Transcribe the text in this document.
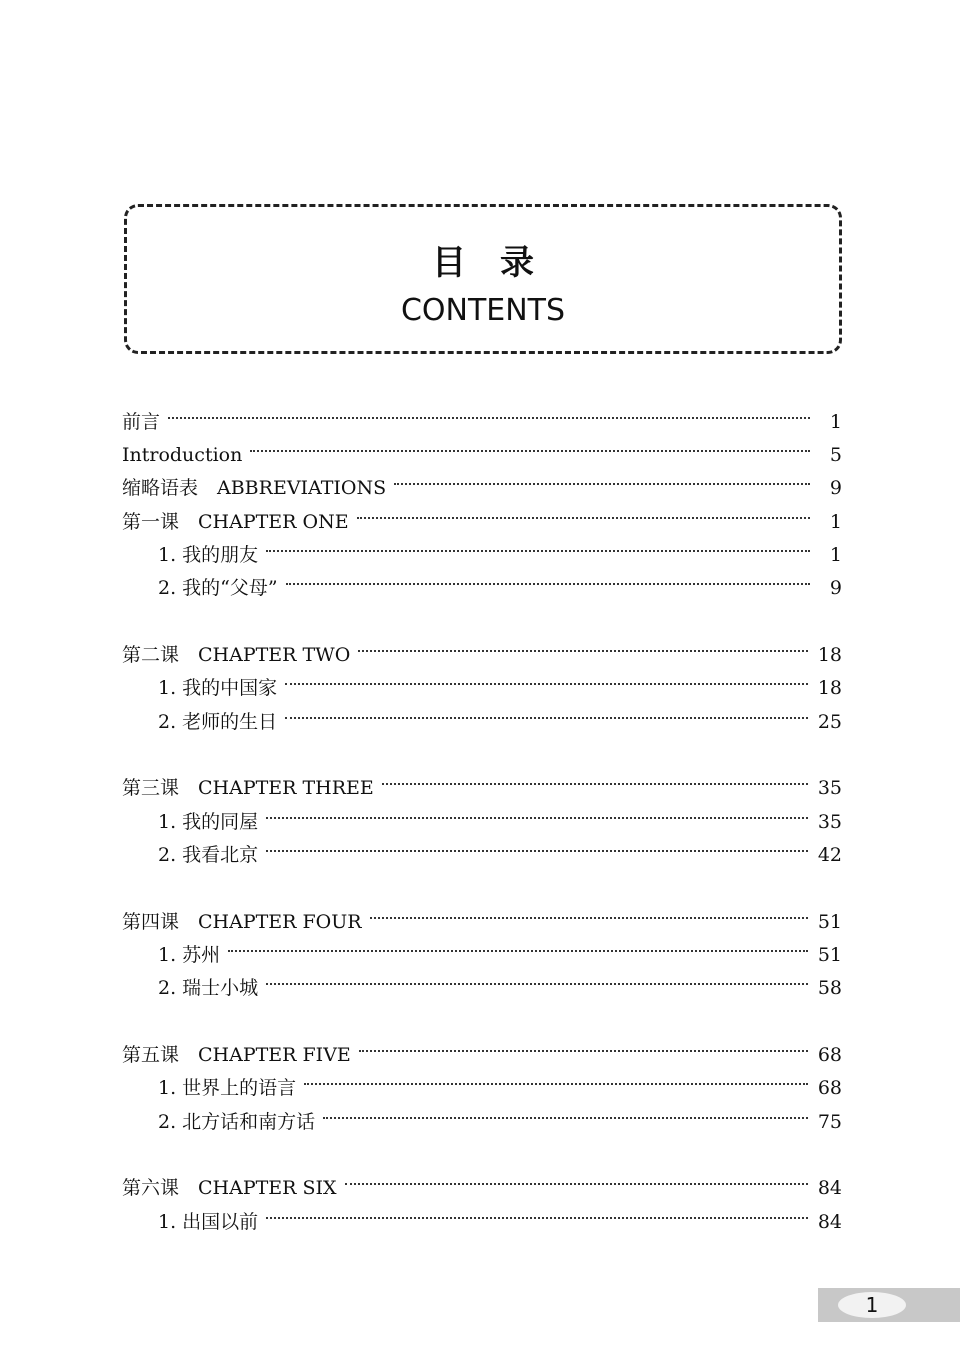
目录
CONTENTS
前言	1
Introduction	5
缩略语表　ABBREVIATIONS	9
第一课　CHAPTER ONE	1
1. 我的朋友	1
2. 我的“父母”	9
第二课　CHAPTER TWO	18
1. 我的中国家	18
2. 老师的生日	25
第三课　CHAPTER THREE	35
1. 我的同屋	35
2. 我看北京	42
第四课　CHAPTER FOUR	51
1. 苏州	51
2. 瑞士小城	58
第五课　CHAPTER FIVE	68
1. 世界上的语言	68
2. 北方话和南方话	75
第六课　CHAPTER SIX	84
1. 出国以前	84
1
